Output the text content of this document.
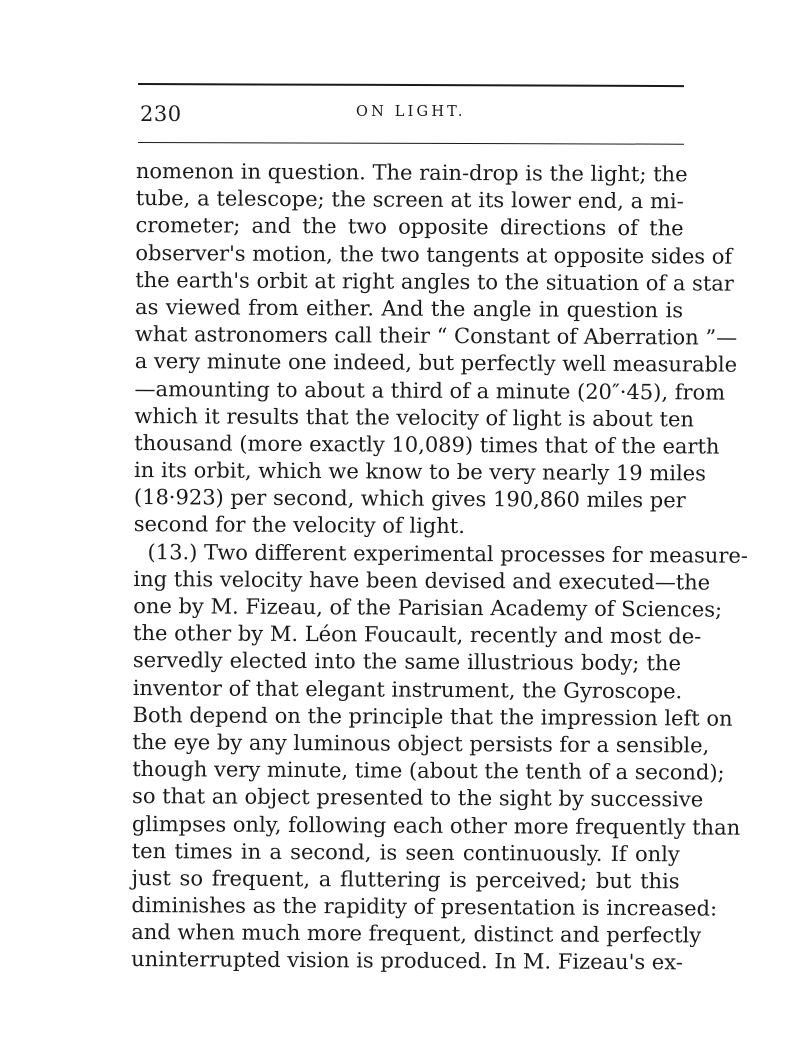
230	ON LIGHT.
nomenon in question. The rain-drop is the light; the
tube, a telescope; the screen at its lower end, a mi-
crometer; and the two opposite directions of the
observer's motion, the two tangents at opposite sides of
the earth's orbit at right angles to the situation of a star
as viewed from either. And the angle in question is
what astronomers call their “ Constant of Aberration ”—
a very minute one indeed, but perfectly well measurable
—amounting to about a third of a minute (20″·45), from
which it results that the velocity of light is about ten
thousand (more exactly 10,089) times that of the earth
in its orbit, which we know to be very nearly 19 miles
(18·923) per second, which gives 190,860 miles per
second for the velocity of light.
(13.) Two different experimental processes for measure-
ing this velocity have been devised and executed—the
one by M. Fizeau, of the Parisian Academy of Sciences;
the other by M. Léon Foucault, recently and most de-
servedly elected into the same illustrious body; the
inventor of that elegant instrument, the Gyroscope.
Both depend on the principle that the impression left on
the eye by any luminous object persists for a sensible,
though very minute, time (about the tenth of a second);
so that an object presented to the sight by successive
glimpses only, following each other more frequently than
ten times in a second, is seen continuously. If only
just so frequent, a fluttering is perceived; but this
diminishes as the rapidity of presentation is increased:
and when much more frequent, distinct and perfectly
uninterrupted vision is produced. In M. Fizeau's ex-
